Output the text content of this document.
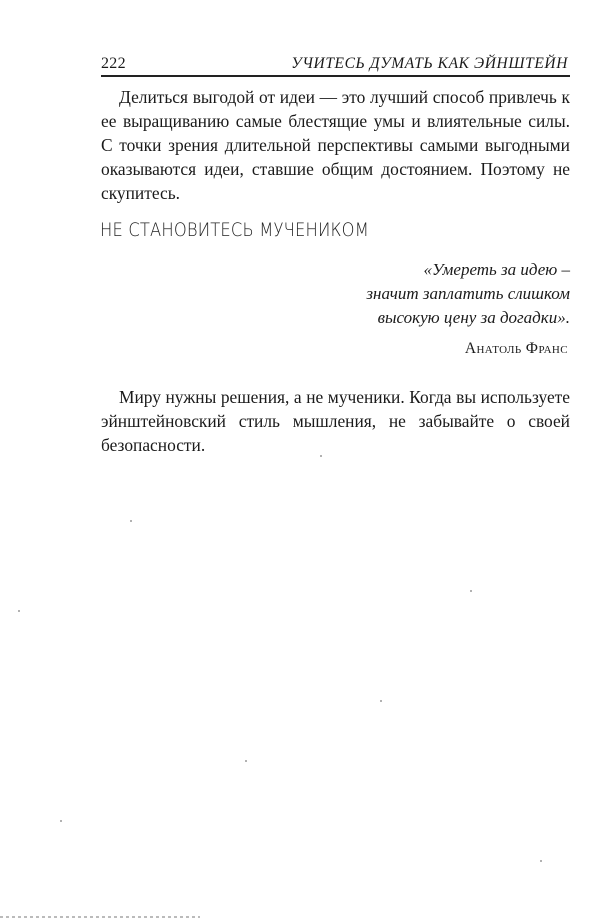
222	УЧИТЕСЬ ДУМАТЬ КАК ЭЙНШТЕЙН

Делиться выгодой от идеи — это лучший способ привлечь к ее выращиванию самые блестящие умы и влиятельные силы. С точки зрения длительной перспективы самыми выгодными оказываются идеи, ставшие общим достоянием. Поэтому не скупитесь.

НЕ СТАНОВИТЕСЬ МУЧЕНИКОМ
«Умереть за идею –
значит заплатить слишком
высокую цену за догадки».

Анатоль Франс

Миру нужны решения, а не мученики. Когда вы используете эйнштейновский стиль мышления, не забывайте о своей безопасности.
